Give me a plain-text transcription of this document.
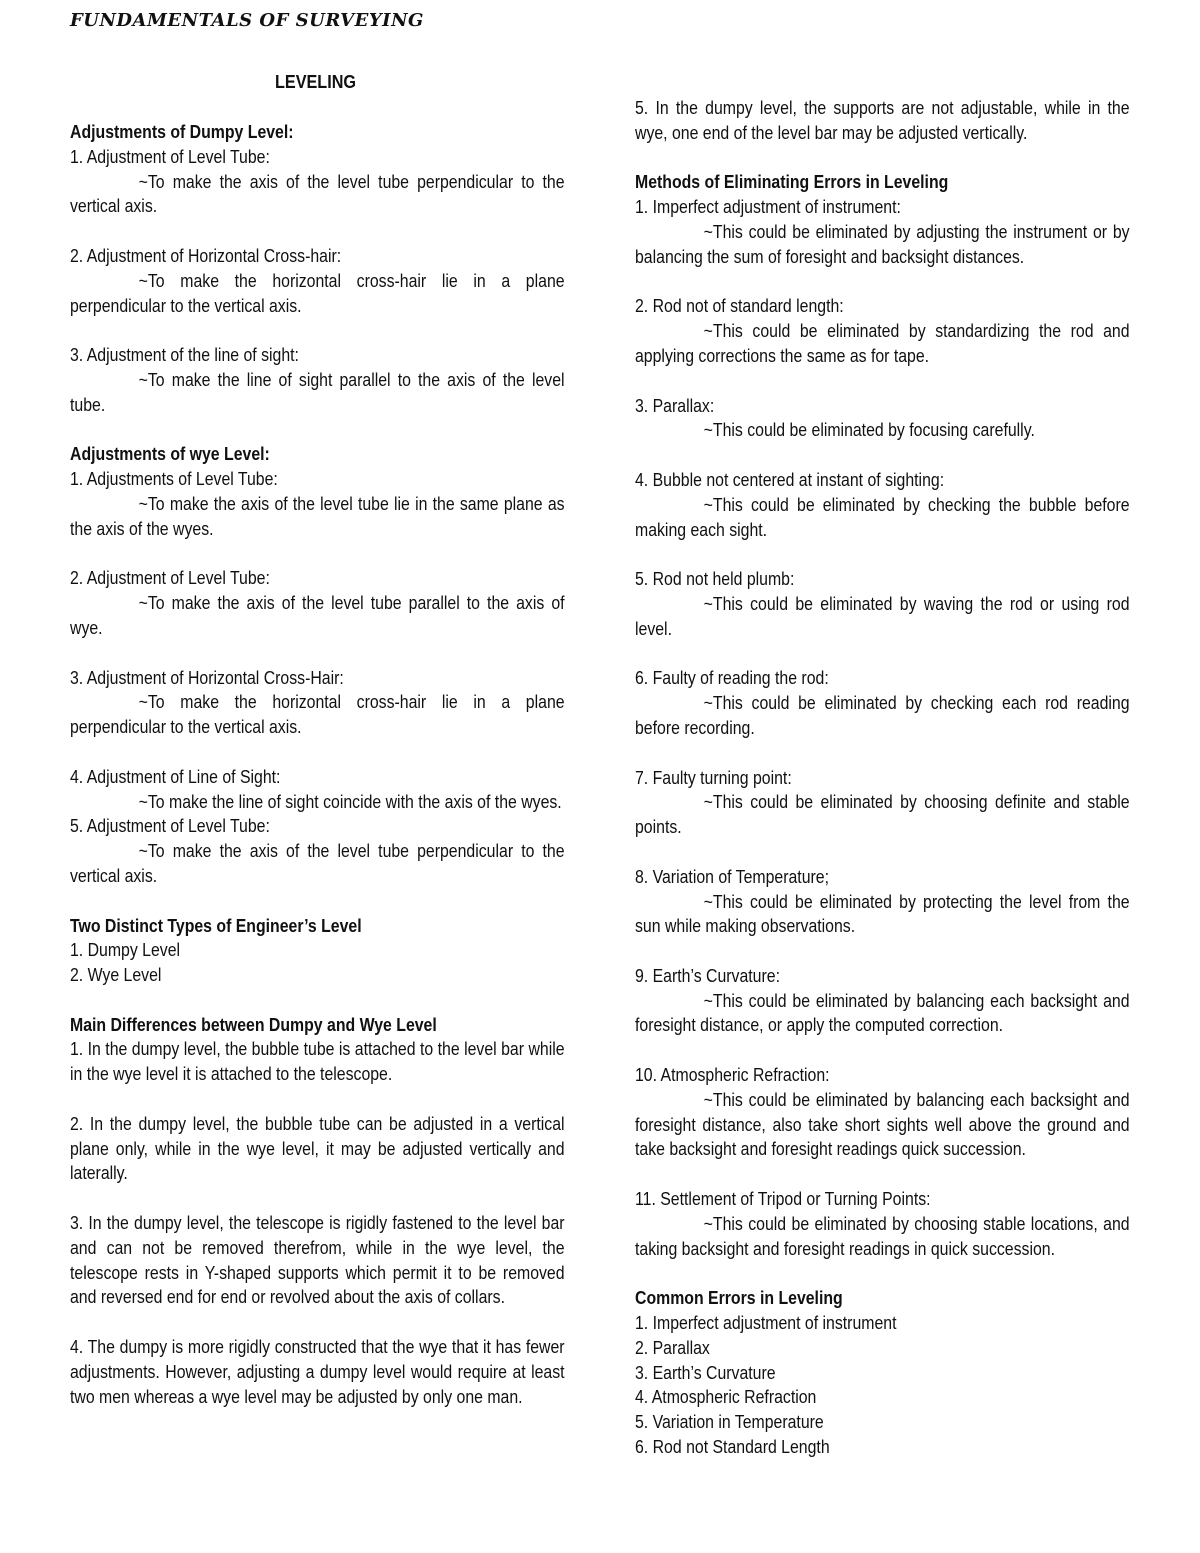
FUNDAMENTALS OF SURVEYING
LEVELING

Adjustments of Dumpy Level:

1. Adjustment of Level Tube:

~To make the axis of the level tube perpendicular to the vertical axis.

2. Adjustment of Horizontal Cross-hair:

~To make the horizontal cross-hair lie in a plane perpendicular to the vertical axis.

3. Adjustment of the line of sight:

~To make the line of sight parallel to the axis of the level tube.

Adjustments of wye Level:

1. Adjustments of Level Tube:

~To make the axis of the level tube lie in the same plane as the axis of the wyes.

2. Adjustment of Level Tube:

~To make the axis of the level tube parallel to the axis of wye.

3. Adjustment of Horizontal Cross-Hair:

~To make the horizontal cross-hair lie in a plane perpendicular to the vertical axis.

4. Adjustment of Line of Sight:

~To make the line of sight coincide with the axis of the wyes.

5. Adjustment of Level Tube:

~To make the axis of the level tube perpendicular to the vertical axis.

Two Distinct Types of Engineer’s Level

1. Dumpy Level

2. Wye Level

Main Differences between Dumpy and Wye Level

1. In the dumpy level, the bubble tube is attached to the level bar while in the wye level it is attached to the telescope.

2. In the dumpy level, the bubble tube can be adjusted in a vertical plane only, while in the wye level, it may be adjusted vertically and laterally.

3. In the dumpy level, the telescope is rigidly fastened to the level bar and can not be removed therefrom, while in the wye level, the telescope rests in Y-shaped supports which permit it to be removed and reversed end for end or revolved about the axis of collars.

4. The dumpy is more rigidly constructed that the wye that it has fewer adjustments. However, adjusting a dumpy level would require at least two men whereas a wye level may be adjusted by only one man.

5. In the dumpy level, the supports are not adjustable, while in the wye, one end of the level bar may be adjusted vertically.

Methods of Eliminating Errors in Leveling

1. Imperfect adjustment of instrument:

~This could be eliminated by adjusting the instrument or by balancing the sum of foresight and backsight distances.

2. Rod not of standard length:

~This could be eliminated by standardizing the rod and applying corrections the same as for tape.

3. Parallax:

~This could be eliminated by focusing carefully.

4. Bubble not centered at instant of sighting:

~This could be eliminated by checking the bubble before making each sight.

5. Rod not held plumb:

~This could be eliminated by waving the rod or using rod level.

6. Faulty of reading the rod:

~This could be eliminated by checking each rod reading before recording.

7. Faulty turning point:

~This could be eliminated by choosing definite and stable points.

8. Variation of Temperature;

~This could be eliminated by protecting the level from the sun while making observations.

9. Earth’s Curvature:

~This could be eliminated by balancing each backsight and foresight distance, or apply the computed correction.

10. Atmospheric Refraction:

~This could be eliminated by balancing each backsight and foresight distance, also take short sights well above the ground and take backsight and foresight readings quick succession.

11. Settlement of Tripod or Turning Points:

~This could be eliminated by choosing stable locations, and taking backsight and foresight readings in quick succession.

Common Errors in Leveling

1. Imperfect adjustment of instrument

2. Parallax

3. Earth’s Curvature

4. Atmospheric Refraction

5. Variation in Temperature

6. Rod not Standard Length
